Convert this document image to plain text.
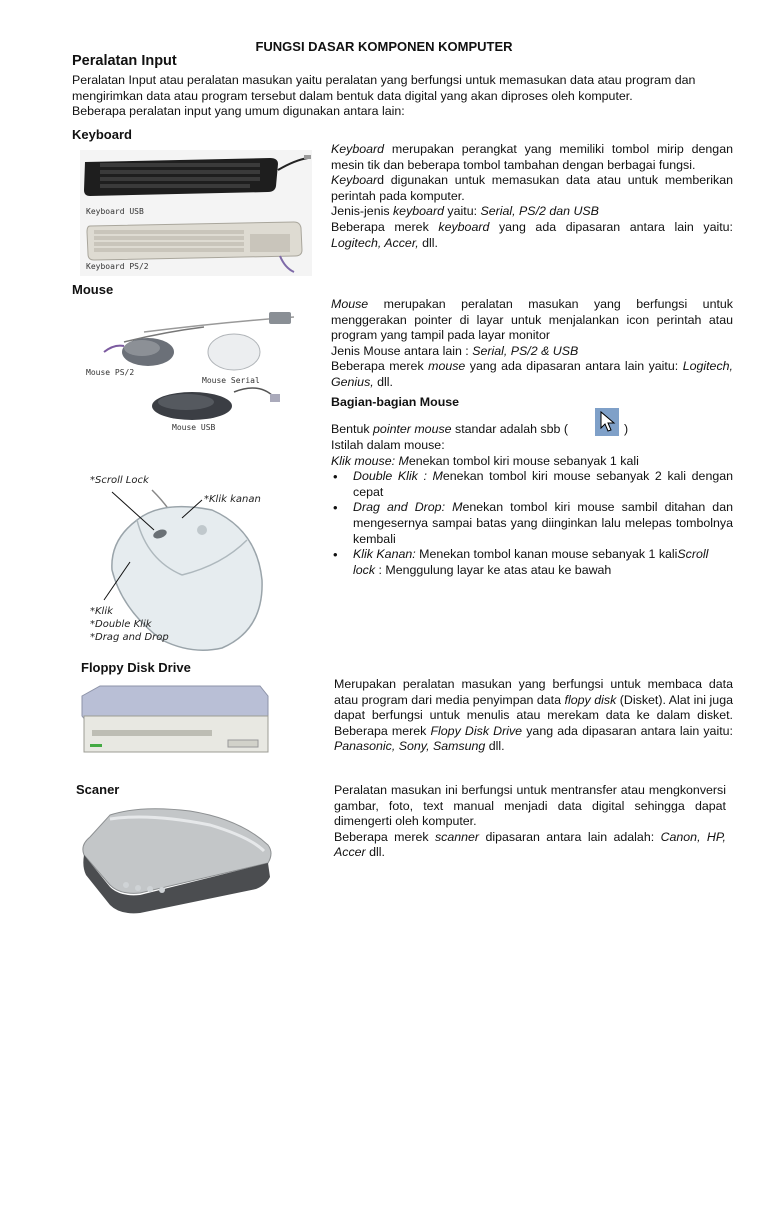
FUNGSI DASAR KOMPONEN KOMPUTER
Peralatan Input
Peralatan Input atau peralatan masukan yaitu peralatan yang berfungsi untuk memasukan data atau program dan
mengirimkan data atau program tersebut dalam bentuk data digital yang akan diproses oleh komputer.
Beberapa peralatan input yang umum digunakan antara lain:
Keyboard
Keyboard USB
Keyboard PS/2
Keyboard merupakan perangkat yang memiliki tombol mirip dengan mesin tik dan beberapa tombol tambahan dengan berbagai fungsi.
Keyboard digunakan untuk memasukan data atau untuk memberikan perintah pada komputer.
Jenis-jenis keyboard yaitu: Serial, PS/2 dan USB
Beberapa merek keyboard yang ada dipasaran antara lain yaitu: Logitech, Accer, dll.
Mouse
Mouse PS/2
Mouse Serial
Mouse USB
Mouse merupakan peralatan masukan yang berfungsi untuk menggerakan pointer di layar untuk menjalankan icon perintah atau program yang tampil pada layar monitor
Jenis Mouse antara lain : Serial, PS/2 & USB
Beberapa merek mouse yang ada dipasaran antara lain yaitu: Logitech, Genius, dll.
Bagian-bagian Mouse
Bentuk pointer mouse standar adalah sbb (	)
Istilah dalam mouse:
Klik mouse: Menekan tombol kiri mouse sebanyak 1 kali
• Double Klik : Menekan tombol kiri mouse sebanyak 2 kali dengan cepat
• Drag and Drop: Menekan tombol kiri mouse sambil ditahan dan mengesernya sampai batas yang diinginkan lalu melepas tombolnya kembali
• Klik Kanan: Menekan tombol kanan mouse sebanyak 1 kaliScroll lock : Menggulung layar ke atas atau ke bawah
*Scroll Lock
*Klik kanan
*Klik
*Double Klik
*Drag and Drop
Floppy Disk Drive
Merupakan peralatan masukan yang berfungsi untuk membaca data atau program dari media penyimpan data flopy disk (Disket). Alat ini juga dapat berfungsi untuk menulis atau merekam data ke dalam disket. Beberapa merek Flopy Disk Drive yang ada dipasaran antara lain yaitu: Panasonic, Sony, Samsung dll.
Scaner	Peralatan masukan ini berfungsi untuk mentransfer atau mengkonversi gambar, foto, text manual menjadi data digital sehingga dapat dimengerti oleh komputer.
Beberapa merek scanner dipasaran antara lain adalah: Canon, HP, Accer dll.
